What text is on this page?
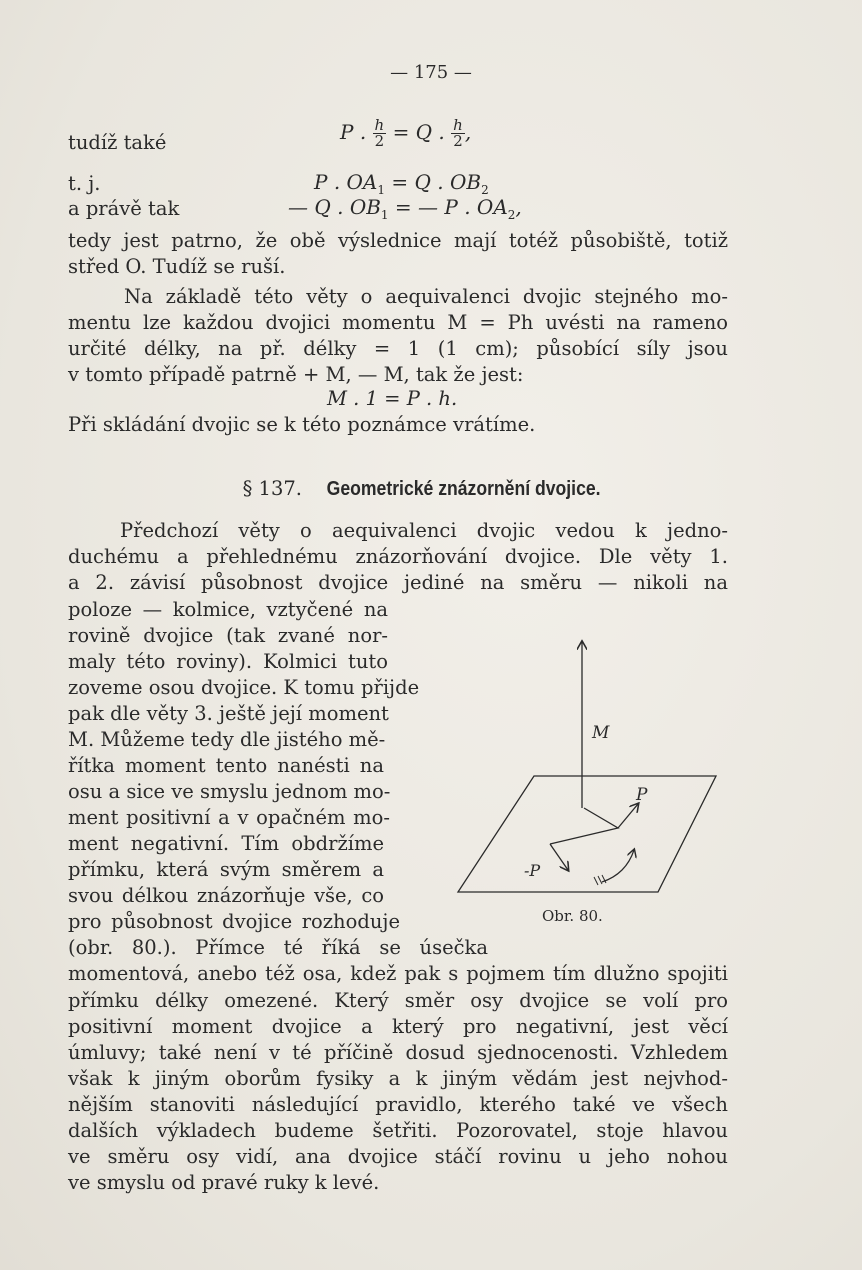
— 175 —
tudíž také	P . $\frac{h}{2} = Q$ . $\frac{h}{2}$ ,
t. j.	P . $OA_1 = Q$ . $OB_2$
a právě tak	— Q . $OB_1$ = — P . $OA_2$,
tedy jest patrno, že obě výslednice mají totéž působiště, totiž
střed O. Tudíž se ruší.
Na základě této věty o aequivalenci dvojic stejného mo-
mentu lze každou dvojici momentu M = Ph uvésti na rameno
určité délky, na př. délky = 1 (1 cm); působící síly jsou
v tomto případě patrně + M, — M, tak že jest:
M . 1 = P . h.
Při skládání dvojic se k této poznámce vrátíme.
§ 137. Geometrické znázornění dvojice.
Předchozí věty o aequivalenci dvojic vedou k jedno-
duchému a přehlednému znázorňování dvojice. Dle věty 1.
a 2. závisí působnost dvojice jediné na směru — nikoli na
poloze — kolmice, vztyčené na
rovině dvojice (tak zvané nor-
maly této roviny). Kolmici tuto
zoveme osou dvojice. K tomu přijde
pak dle věty 3. ještě její moment
M. Můžeme tedy dle jistého mě-
řítka moment tento nanésti na
osu a sice ve smyslu jednom mo-
ment positivní a v opačném mo-
ment negativní. Tím obdržíme
přímku, která svým směrem a
svou délkou znázorňuje vše, co
pro působnost dvojice rozhoduje
(obr. 80.). Přímce té říká se úsečka
momentová, anebo též osa, kdež pak s pojmem tím dlužno spojiti
přímku délky omezené. Který směr osy dvojice se volí pro
positivní moment dvojice a který pro negativní, jest věcí
úmluvy; také není v té příčině dosud sjednocenosti. Vzhledem
však k jiným oborům fysiky a k jiným vědám jest nejvhod-
nějším stanoviti následující pravidlo, kterého také ve všech
dalších výkladech budeme šetřiti. Pozorovatel, stoje hlavou
ve směru osy vidí, ana dvojice stáčí rovinu u jeho nohou
ve smyslu od pravé ruky k levé.
M
P
-P
Obr. 80.
